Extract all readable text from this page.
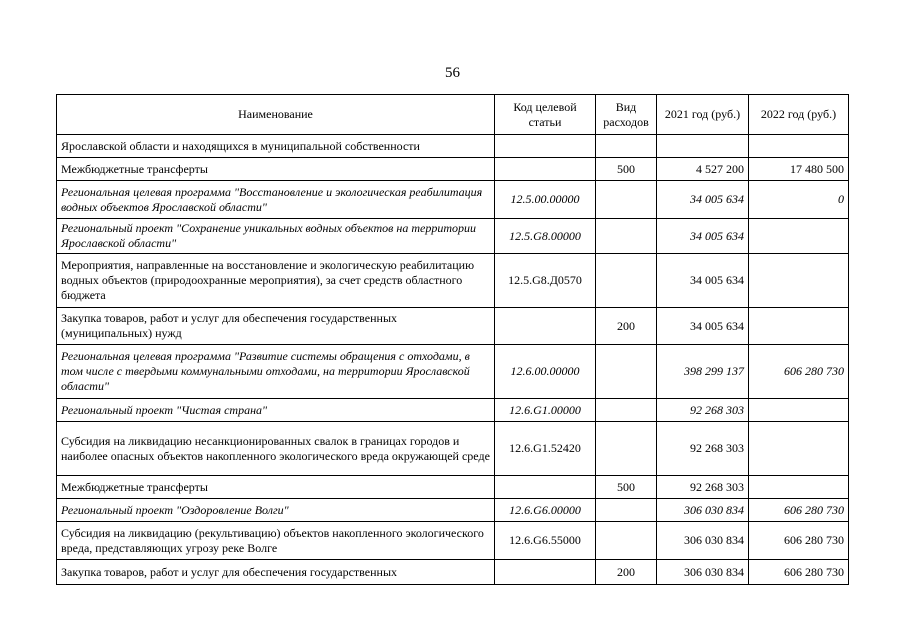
56
Наименование	Код целевой статьи	Вид расходов	2021 год (руб.)	2022 год (руб.)
Ярославской области и находящихся в муниципальной собственности				
Межбюджетные трансферты		500	4 527 200	17 480 500
Региональная целевая программа "Восстановление и экологическая реабилитация водных объектов Ярославской области"	12.5.00.00000		34 005 634	0
Региональный проект "Сохранение уникальных водных объектов на территории Ярославской области"	12.5.G8.00000		34 005 634	
Мероприятия, направленные на восстановление и экологическую реабилитацию водных объектов (природоохранные мероприятия), за счет средств областного бюджета	12.5.G8.Д0570		34 005 634	
Закупка товаров, работ и услуг для обеспечения государственных (муниципальных) нужд		200	34 005 634	
Региональная целевая программа "Развитие системы обращения с отходами, в том числе с твердыми коммунальными отходами, на территории Ярославской области"	12.6.00.00000		398 299 137	606 280 730
Региональный проект "Чистая страна"	12.6.G1.00000		92 268 303	
Субсидия на ликвидацию несанкционированных свалок в границах городов и наиболее опасных объектов накопленного экологического вреда окружающей среде	12.6.G1.52420		92 268 303	
Межбюджетные трансферты		500	92 268 303	
Региональный проект "Оздоровление Волги"	12.6.G6.00000		306 030 834	606 280 730
Субсидия на ликвидацию (рекультивацию) объектов накопленного экологического вреда, представляющих угрозу реке Волге	12.6.G6.55000		306 030 834	606 280 730
Закупка товаров, работ и услуг для обеспечения государственных		200	306 030 834	606 280 730
